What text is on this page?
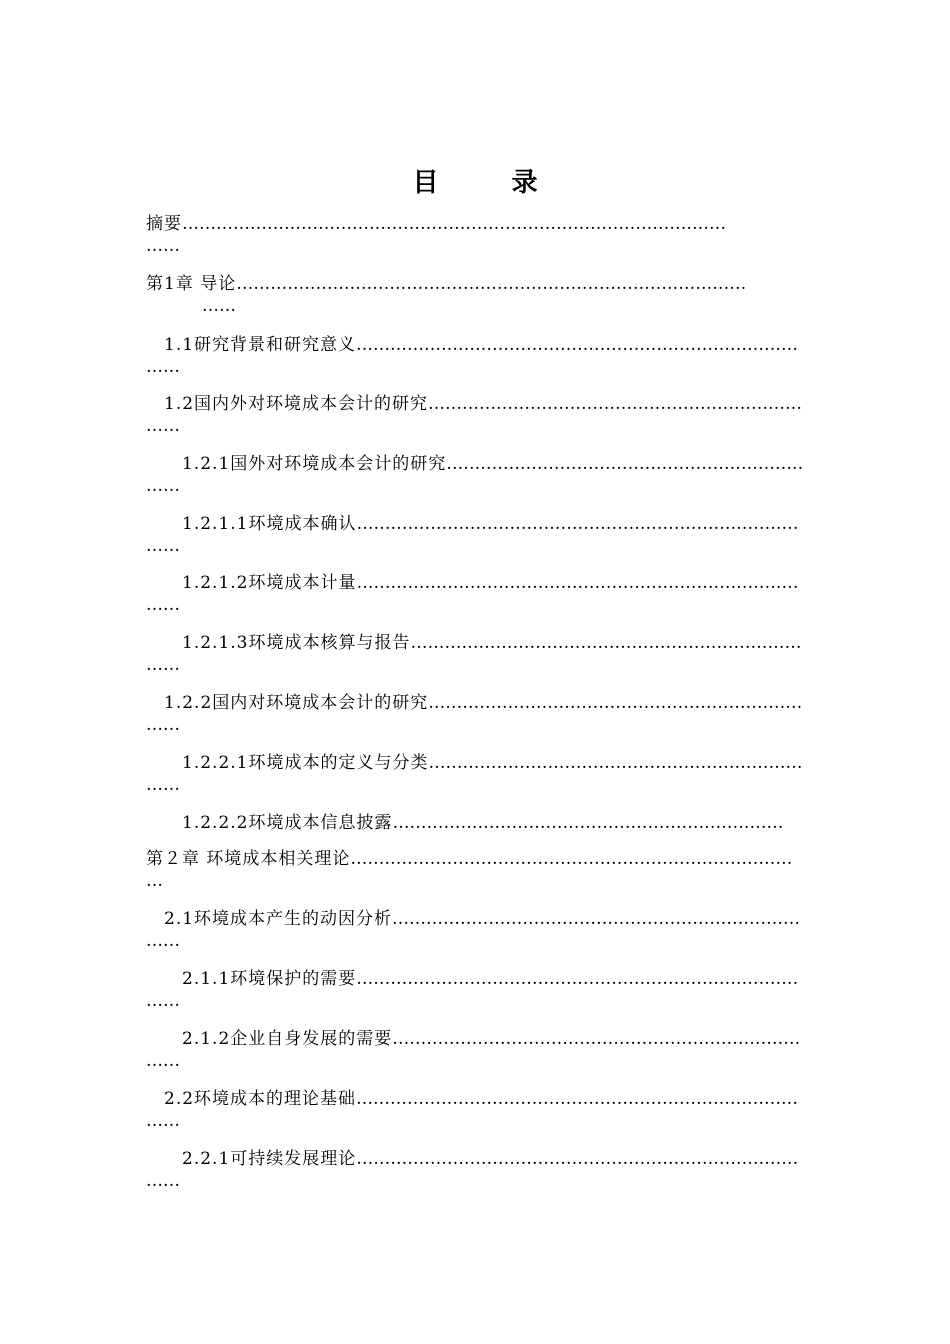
目 录
摘要……………………………………………………………………………………
……
第1章 导论………………………………………………………………………………
……
1.1研究背景和研究意义……………………………………………………………………
……
1.2国内外对环境成本会计的研究…………………………………………………………
……
1.2.1国外对环境成本会计的研究………………………………………………………
……
1.2.1.1环境成本确认……………………………………………………………………
……
1.2.1.2环境成本计量……………………………………………………………………
……
1.2.1.3环境成本核算与报告……………………………………………………………
……
1.2.2国内对环境成本会计的研究…………………………………………………………
……
1.2.2.1环境成本的定义与分类…………………………………………………………
……
1.2.2.2环境成本信息披露……………………………………………………………
第２章 环境成本相关理论……………………………………………………………………
…
2.1环境成本产生的动因分析………………………………………………………………
……
2.1.1环境保护的需要……………………………………………………………………
……
2.1.2企业自身发展的需要………………………………………………………………
……
2.2环境成本的理论基础……………………………………………………………………
……
2.2.1可持续发展理论……………………………………………………………………
……
